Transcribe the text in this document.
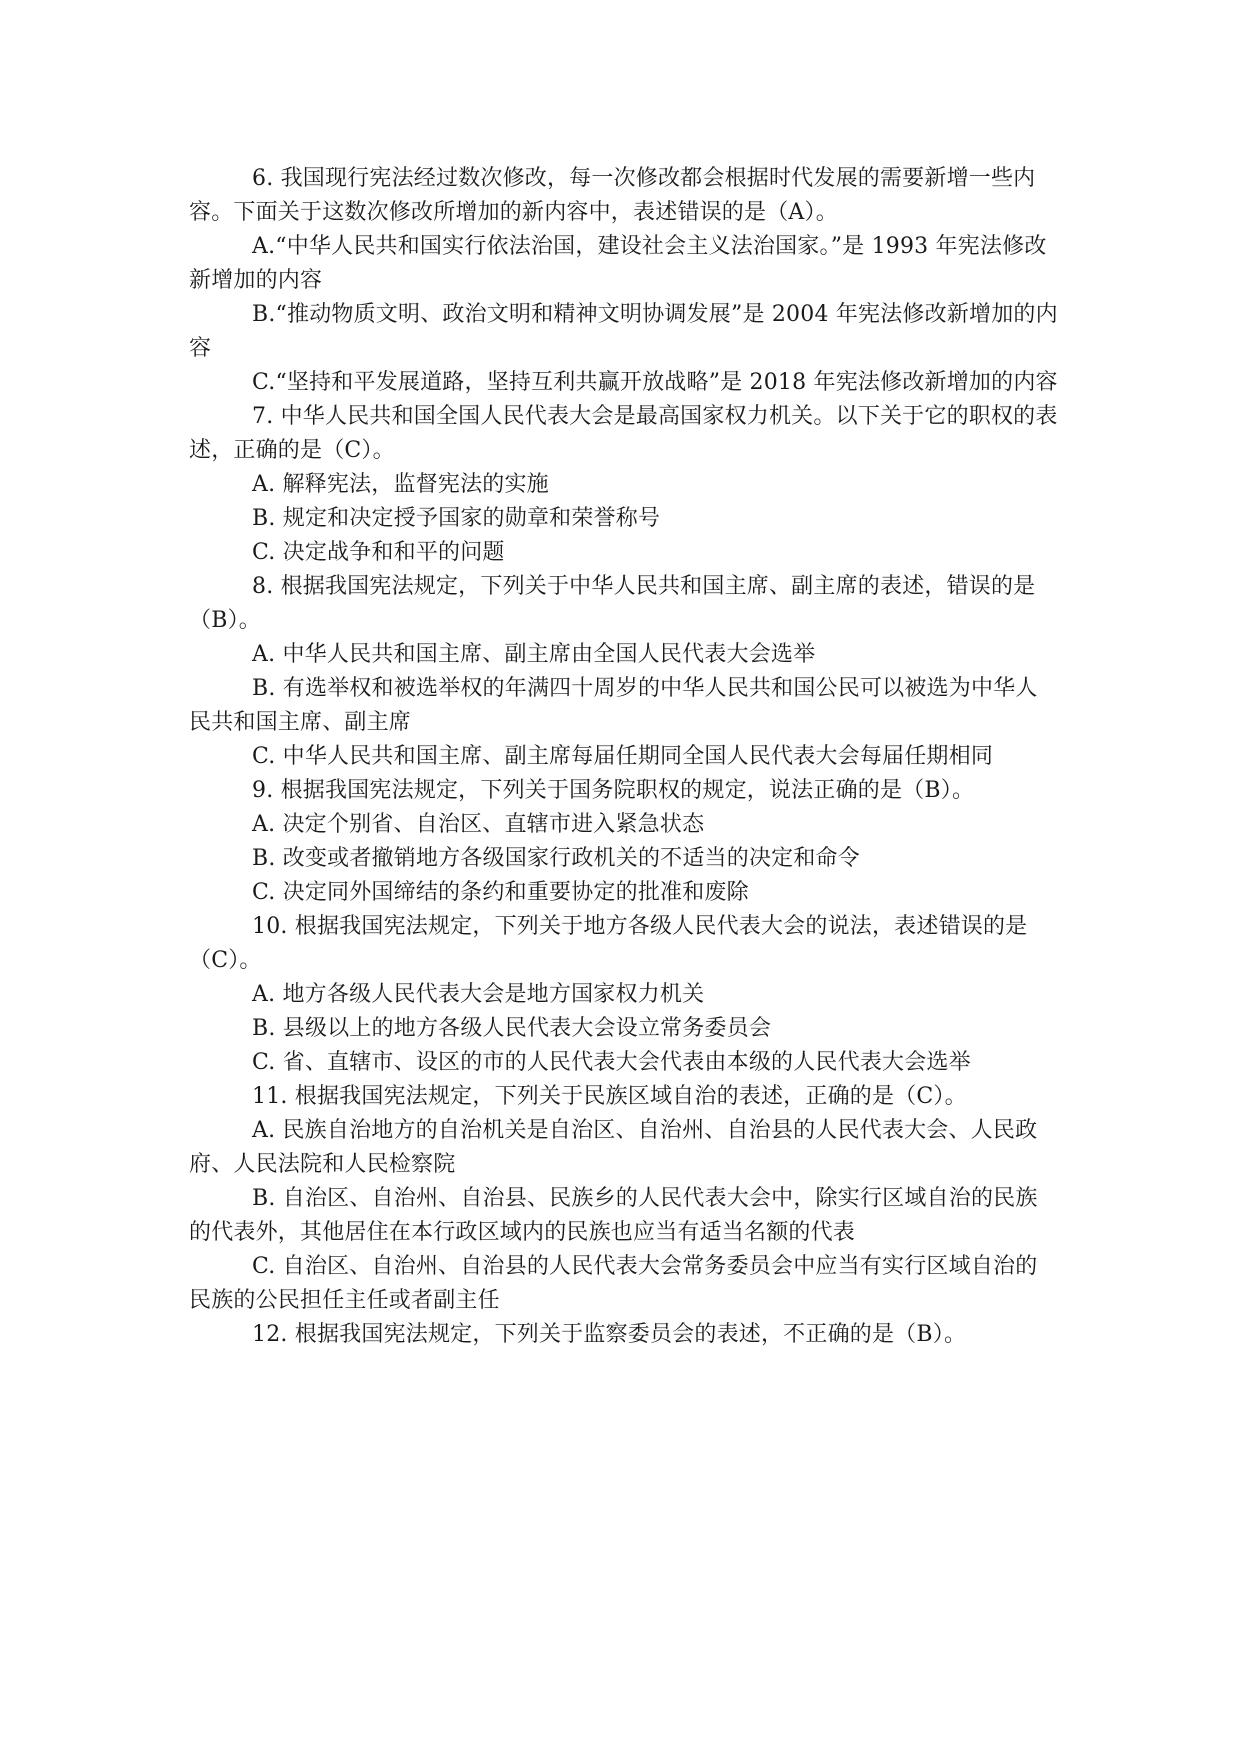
6. 我国现行宪法经过数次修改，每一次修改都会根据时代发展的需要新增一些内容。下面关于这数次修改所增加的新内容中，表述错误的是（A）。

A.“中华人民共和国实行依法治国，建设社会主义法治国家。”是 1993 年宪法修改新增加的内容

B.“推动物质文明、政治文明和精神文明协调发展”是 2004 年宪法修改新增加的内容

C.“坚持和平发展道路，坚持互利共赢开放战略”是 2018 年宪法修改新增加的内容

7. 中华人民共和国全国人民代表大会是最高国家权力机关。以下关于它的职权的表述，正确的是（C）。

A. 解释宪法，监督宪法的实施

B. 规定和决定授予国家的勋章和荣誉称号

C. 决定战争和和平的问题

8. 根据我国宪法规定，下列关于中华人民共和国主席、副主席的表述，错误的是（B）。

A. 中华人民共和国主席、副主席由全国人民代表大会选举

B. 有选举权和被选举权的年满四十周岁的中华人民共和国公民可以被选为中华人民共和国主席、副主席

C. 中华人民共和国主席、副主席每届任期同全国人民代表大会每届任期相同

9. 根据我国宪法规定，下列关于国务院职权的规定，说法正确的是（B）。

A. 决定个别省、自治区、直辖市进入紧急状态

B. 改变或者撤销地方各级国家行政机关的不适当的决定和命令

C. 决定同外国缔结的条约和重要协定的批准和废除

10. 根据我国宪法规定，下列关于地方各级人民代表大会的说法，表述错误的是（C）。

A. 地方各级人民代表大会是地方国家权力机关

B. 县级以上的地方各级人民代表大会设立常务委员会

C. 省、直辖市、设区的市的人民代表大会代表由本级的人民代表大会选举

11. 根据我国宪法规定，下列关于民族区域自治的表述，正确的是（C）。

A. 民族自治地方的自治机关是自治区、自治州、自治县的人民代表大会、人民政府、人民法院和人民检察院

B. 自治区、自治州、自治县、民族乡的人民代表大会中，除实行区域自治的民族的代表外，其他居住在本行政区域内的民族也应当有适当名额的代表

C. 自治区、自治州、自治县的人民代表大会常务委员会中应当有实行区域自治的民族的公民担任主任或者副主任

12. 根据我国宪法规定，下列关于监察委员会的表述，不正确的是（B）。
